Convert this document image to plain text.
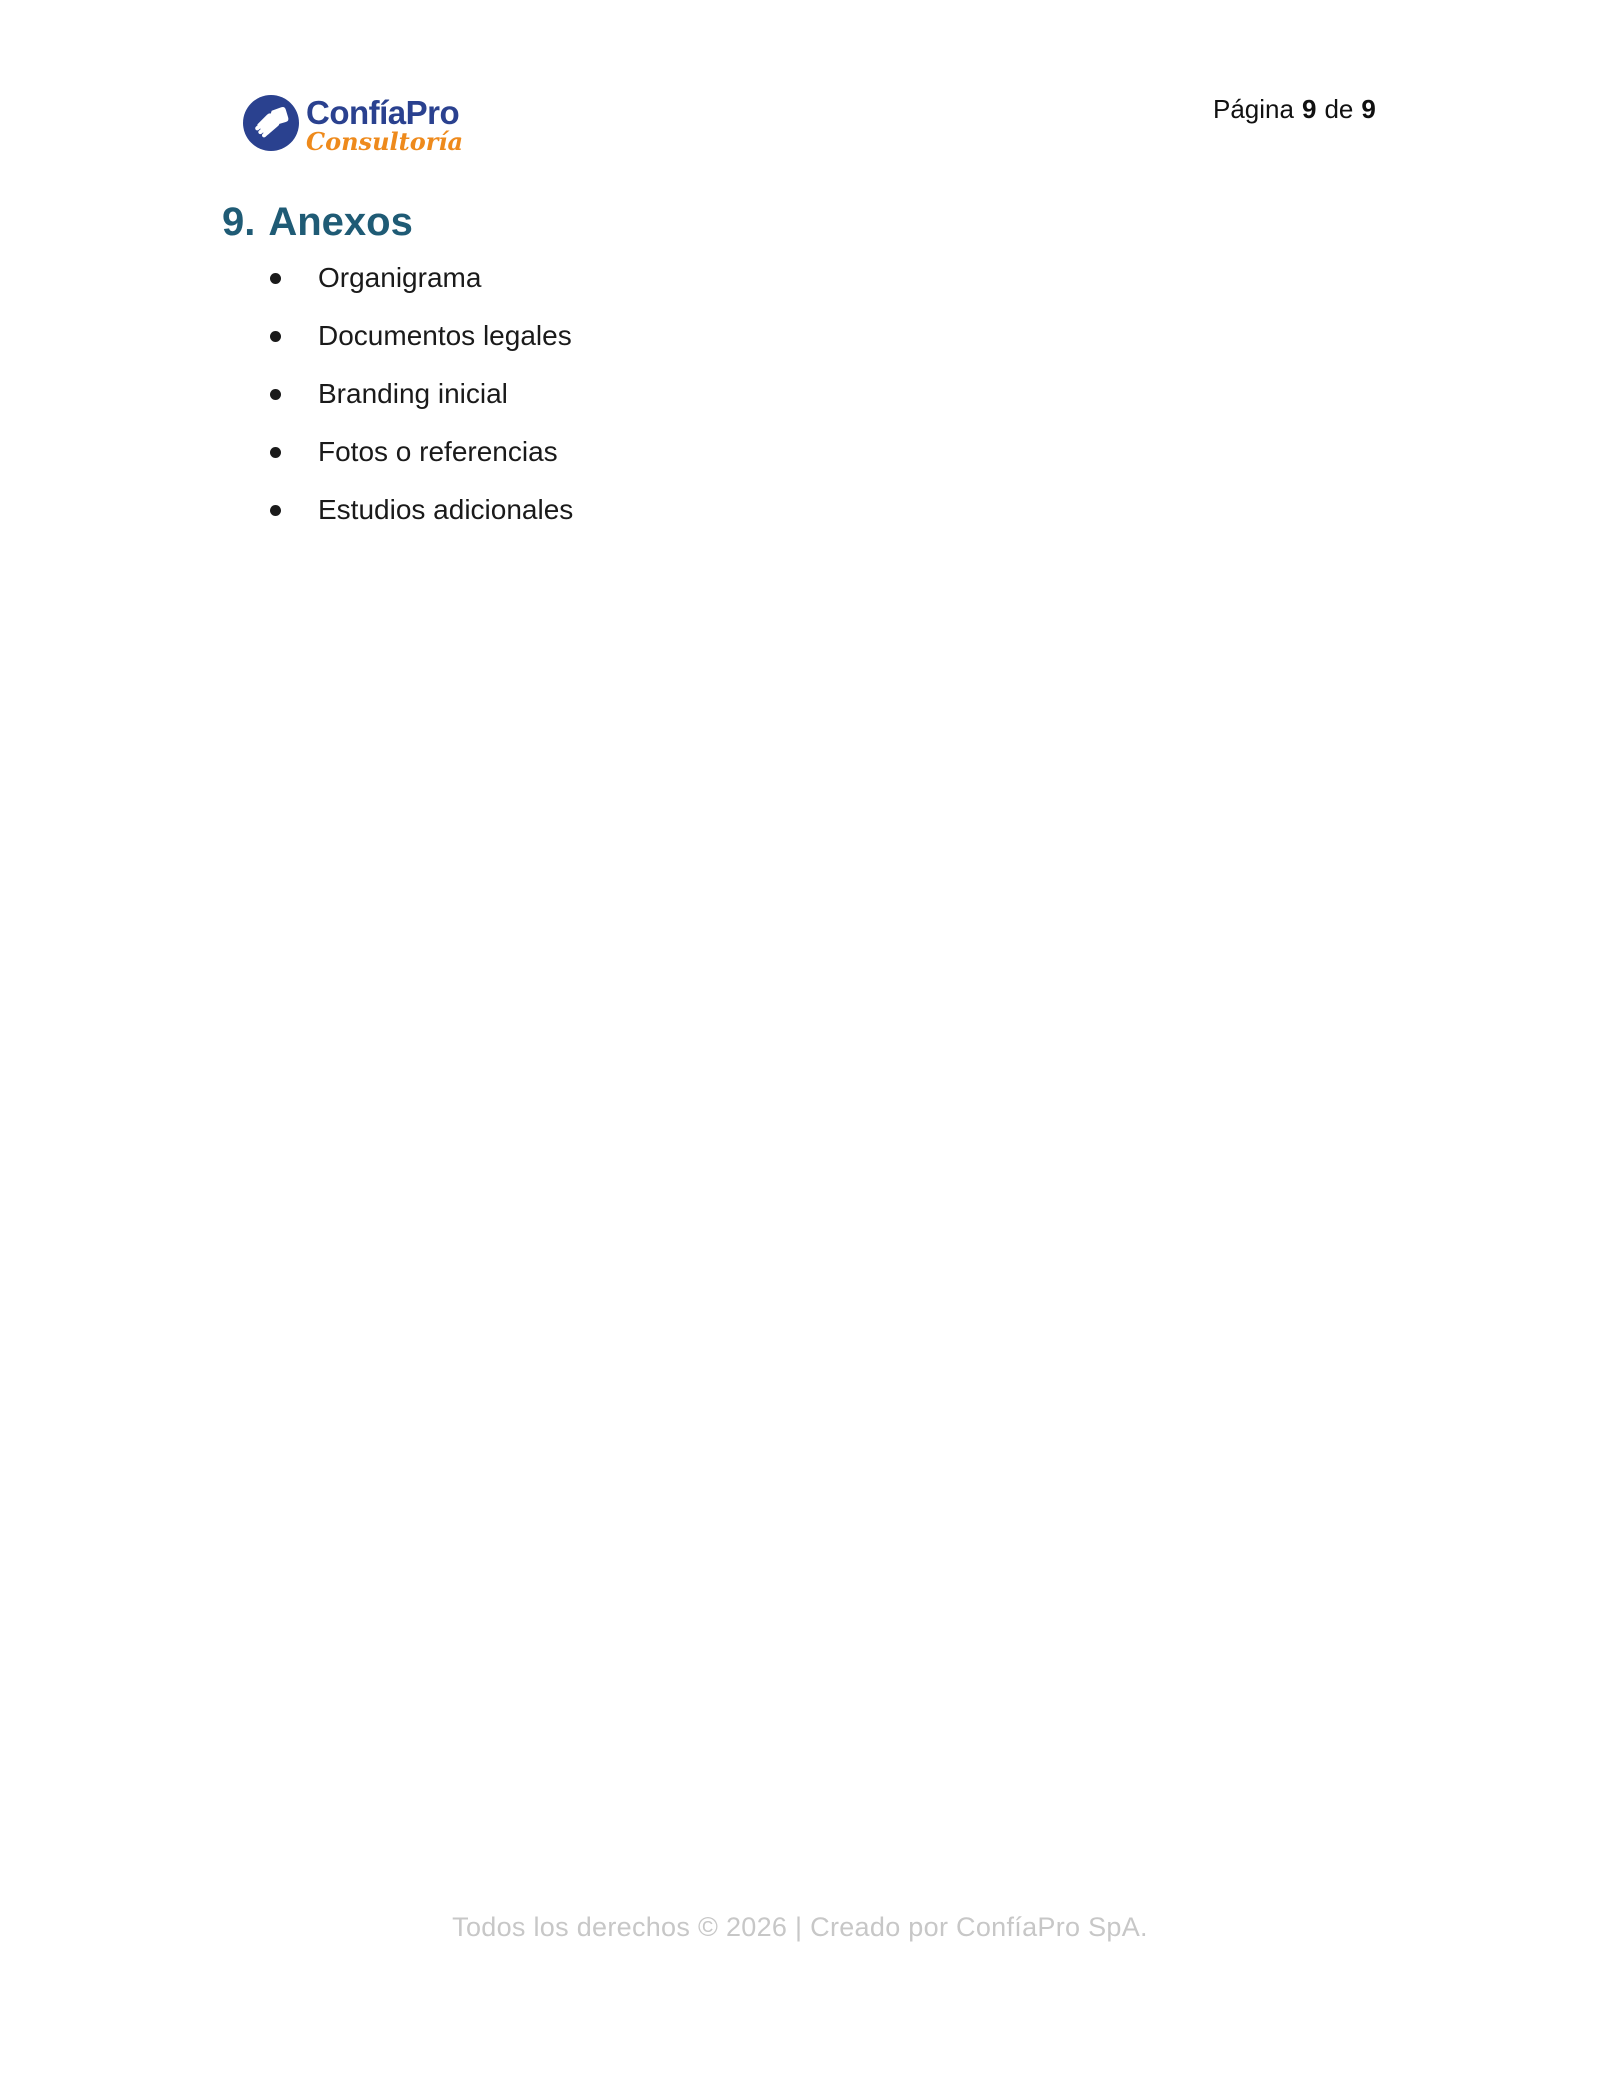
ConfíaPro
Consultoría
Página 9 de 9
9. Anexos
Organigrama
Documentos legales
Branding inicial
Fotos o referencias
Estudios adicionales
Todos los derechos © 2026 | Creado por ConfíaPro SpA.
